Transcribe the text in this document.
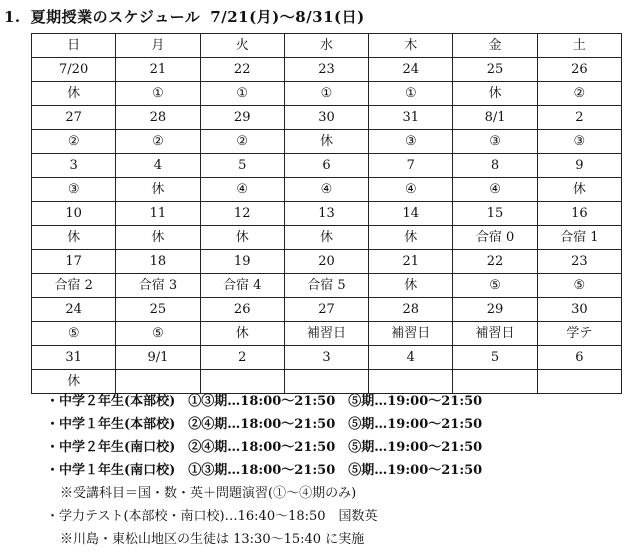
1. 夏期授業のスケジュール 7/21(月)〜8/31(日)
日	月	火	水	木	金	土
7/20	21	22	23	24	25	26
休	①	①	①	①	休	②
27	28	29	30	31	8/1	2
②	②	②	休	③	③	③
3	4	5	6	7	8	9
③	休	④	④	④	④	休
10	11	12	13	14	15	16
休	休	休	休	休	合宿 0	合宿 1
17	18	19	20	21	22	23
合宿 2	合宿 3	合宿 4	合宿 5	休	⑤	⑤
24	25	26	27	28	29	30
⑤	⑤	休	補習日	補習日	補習日	学テ
31	9/1	2	3	4	5	6
休						
・中学２年生(本部校)　①③期…18:00〜21:50　⑤期…19:00〜21:50
・中学１年生(本部校)　②④期…18:00〜21:50　⑤期…19:00〜21:50
・中学２年生(南口校)　②④期…18:00〜21:50　⑤期…19:00〜21:50
・中学１年生(南口校)　①③期…18:00〜21:50　⑤期…19:00〜21:50
※受講科目＝国・数・英＋問題演習(①〜④期のみ)
・学力テスト(本部校・南口校)…16:40〜18:50　国数英
※川島・東松山地区の生徒は 13:30〜15:40 に実施
